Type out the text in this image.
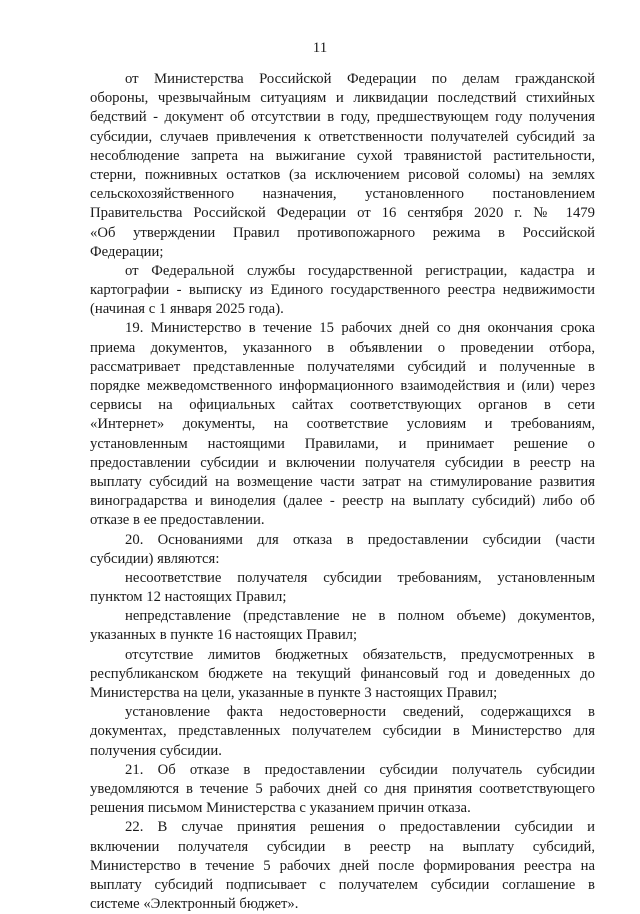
11
от Министерства Российской Федерации по делам гражданской
обороны, чрезвычайным ситуациям и ликвидации последствий стихийных
бедствий - документ об отсутствии в году, предшествующем году получения
субсидии, случаев привлечения к ответственности получателей субсидий за
несоблюдение запрета на выжигание сухой травянистой растительности,
стерни, пожнивных остатков (за исключением рисовой соломы) на землях
сельскохозяйственного назначения, установленного постановлением
Правительства Российской Федерации от 16 сентября 2020 г. № 1479
«Об утверждении Правил противопожарного режима в Российской
Федерации;
от Федеральной службы государственной регистрации, кадастра и
картографии - выписку из Единого государственного реестра недвижимости
(начиная с 1 января 2025 года).
19. Министерство в течение 15 рабочих дней со дня окончания срока
приема документов, указанного в объявлении о проведении отбора,
рассматривает представленные получателями субсидий и полученные в
порядке межведомственного информационного взаимодействия и (или) через
сервисы на официальных сайтах соответствующих органов в сети
«Интернет» документы, на соответствие условиям и требованиям,
установленным настоящими Правилами, и принимает решение о
предоставлении субсидии и включении получателя субсидии в реестр на
выплату субсидий на возмещение части затрат на стимулирование развития
виноградарства и виноделия (далее - реестр на выплату субсидий) либо об
отказе в ее предоставлении.
20. Основаниями для отказа в предоставлении субсидии (части
субсидии) являются:
несоответствие получателя субсидии требованиям, установленным
пунктом 12 настоящих Правил;
непредставление (представление не в полном объеме) документов,
указанных в пункте 16 настоящих Правил;
отсутствие лимитов бюджетных обязательств, предусмотренных в
республиканском бюджете на текущий финансовый год и доведенных до
Министерства на цели, указанные в пункте 3 настоящих Правил;
установление факта недостоверности сведений, содержащихся в
документах, представленных получателем субсидии в Министерство для
получения субсидии.
21. Об отказе в предоставлении субсидии получатель субсидии
уведомляются в течение 5 рабочих дней со дня принятия соответствующего
решения письмом Министерства с указанием причин отказа.
22. В случае принятия решения о предоставлении субсидии и
включении получателя субсидии в реестр на выплату субсидий,
Министерство в течение 5 рабочих дней после формирования реестра на
выплату субсидий подписывает с получателем субсидии соглашение в
системе «Электронный бюджет».
